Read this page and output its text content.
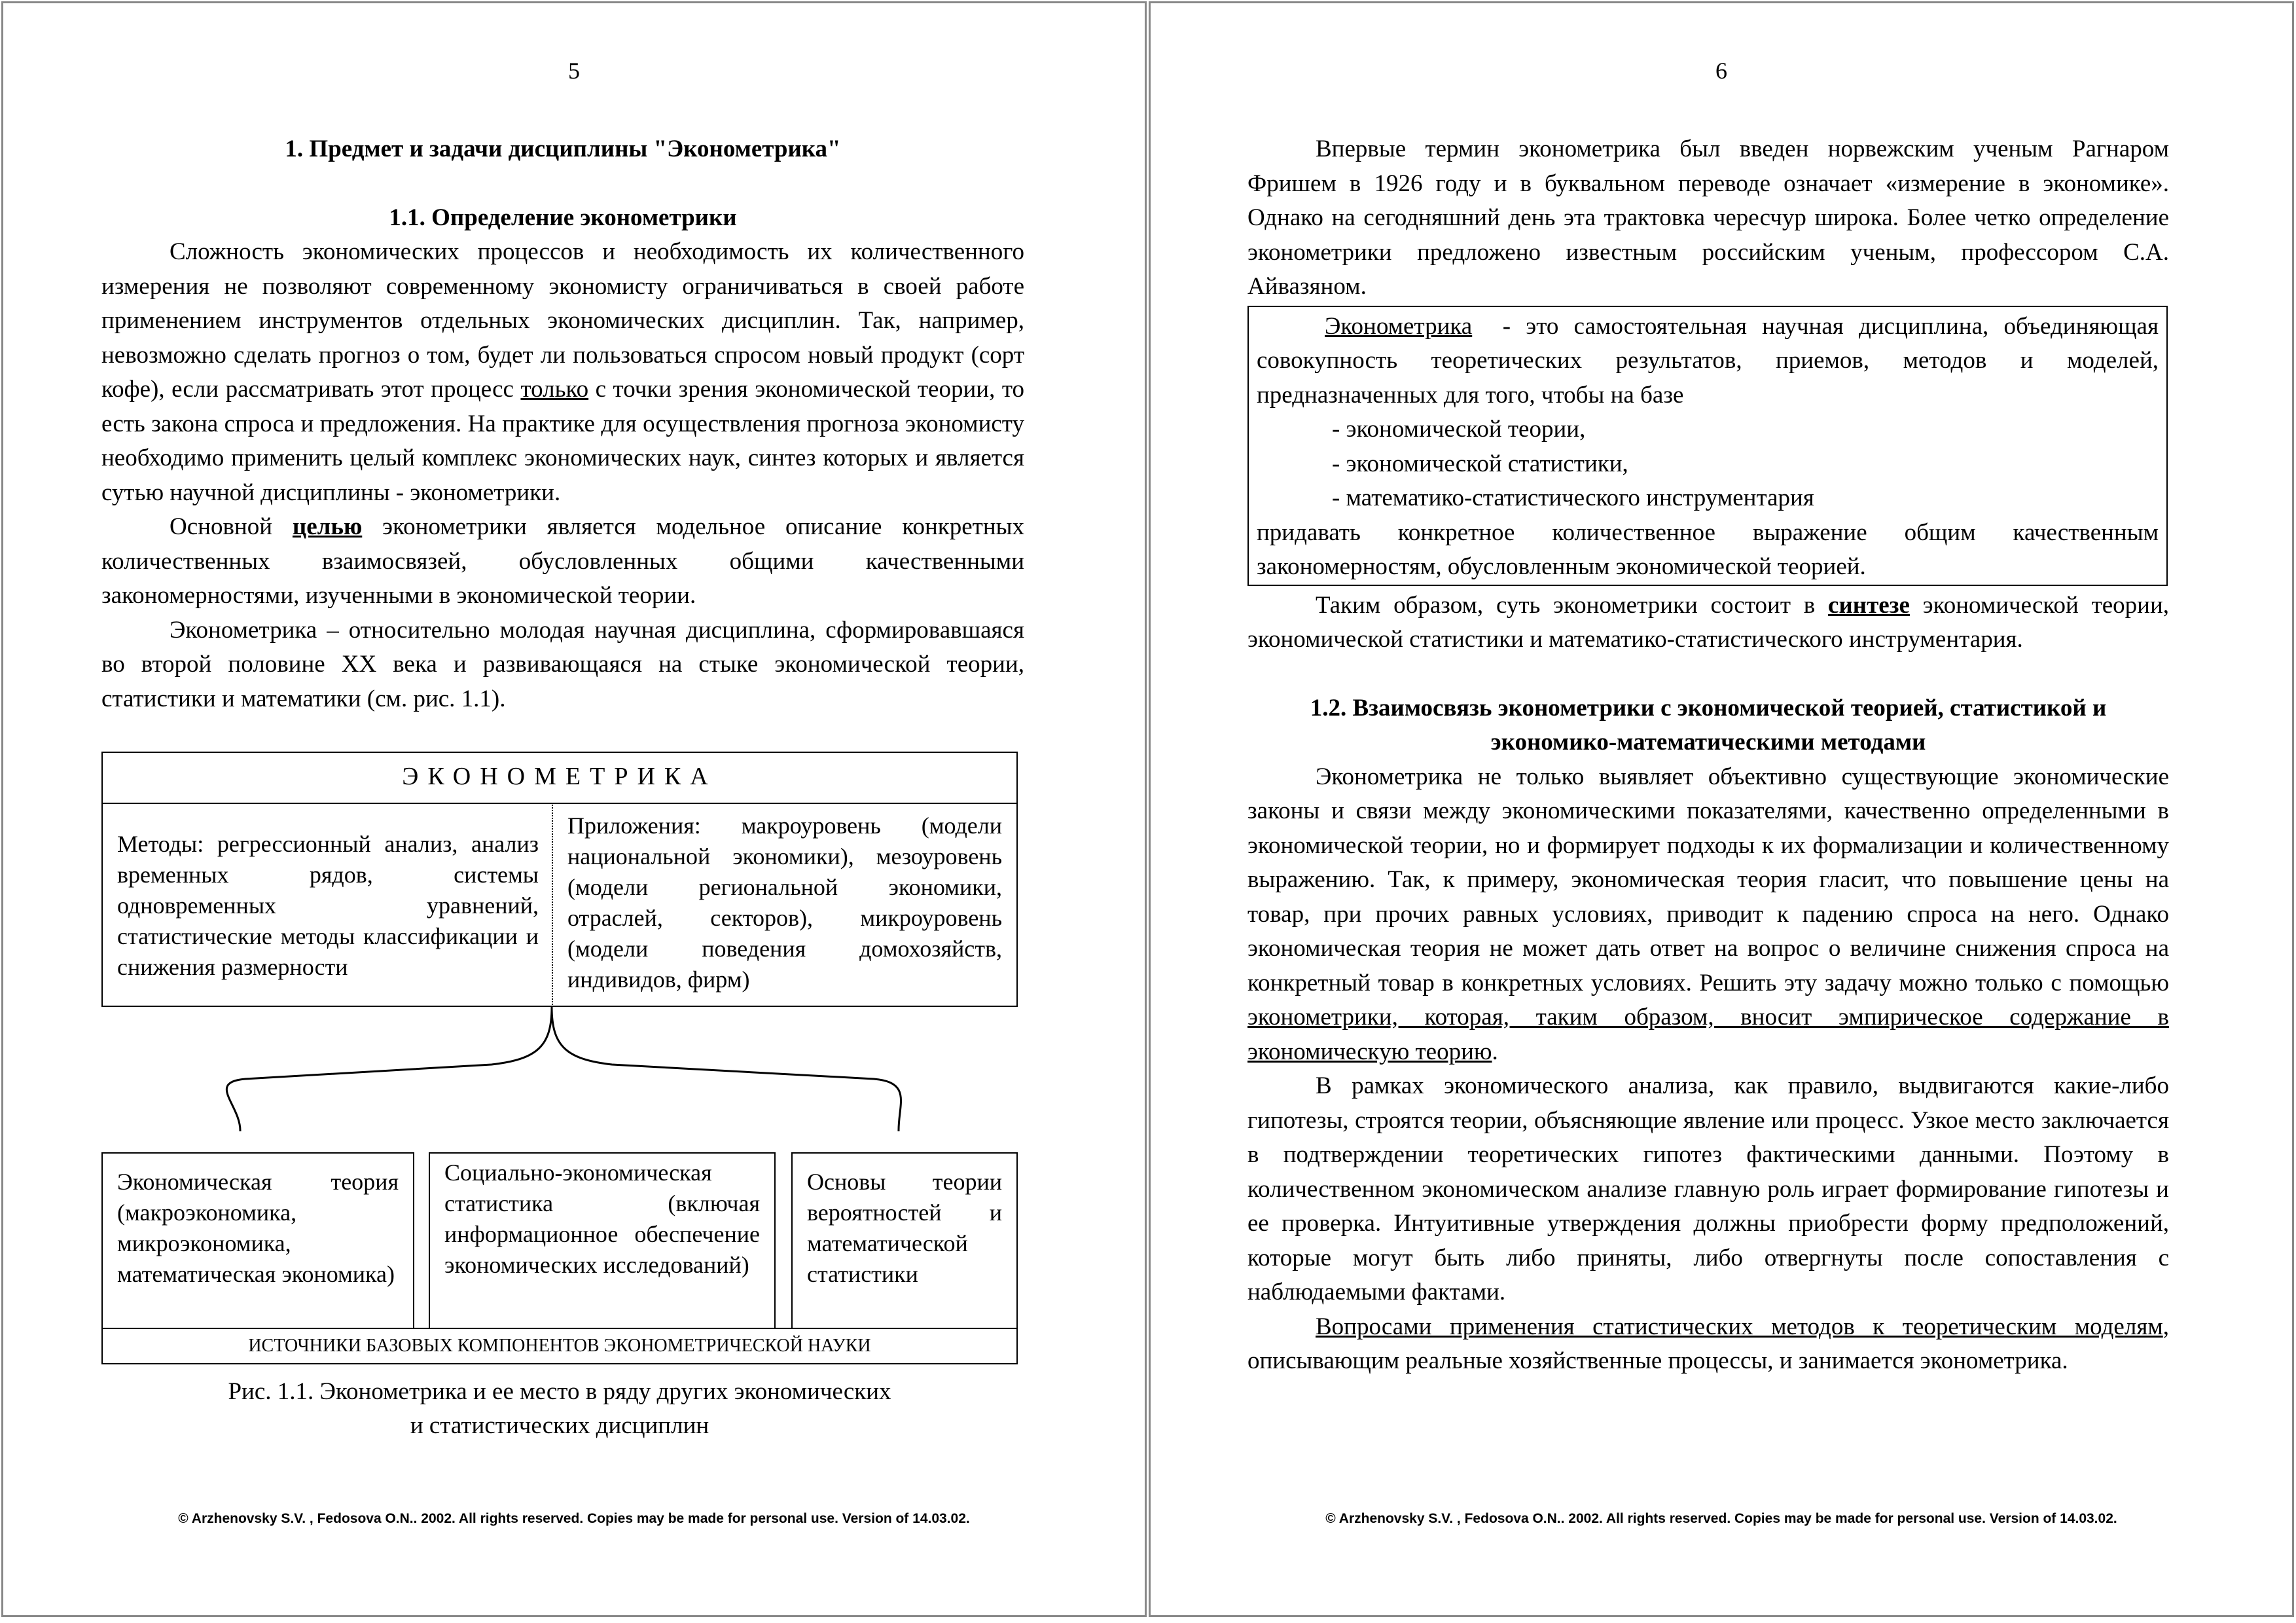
5
1. Предмет и задачи дисциплины "Эконометрика"
1.1. Определение эконометрики

Сложность экономических процессов и необходимость их количественного измерения не позволяют современному экономисту ограничиваться в своей работе применением инструментов отдельных экономических дисциплин. Так, например, невозможно сделать прогноз о том, будет ли пользоваться спросом новый продукт (сорт кофе), если рассматривать этот процесс только с точки зрения экономической теории, то есть закона спроса и предложения. На практике для осуществления прогноза экономисту необходимо применить целый комплекс экономических наук, синтез которых и является сутью научной дисциплины - эконометрики.

Основной целью эконометрики является модельное описание конкретных количественных взаимосвязей, обусловленных общими качественными закономерностями, изученными в экономической теории.

Эконометрика – относительно молодая научная дисциплина, сформировавшаяся во второй половине XX века и развивающаяся на стыке экономической теории, статистики и математики (см. рис. 1.1).

ЭКОНОМЕТРИКА

Методы: регрессионный анализ, анализ временных рядов, системы одновременных уравнений, статистические методы классификации и снижения размерности

Приложения: макроуровень (модели национальной экономики), мезоуровень (модели региональной экономики, отраслей, секторов), микроуровень (модели поведения домохозяйств, индивидов, фирм)

Экономическая теория (макроэкономика, микроэкономика, математическая экономика)

Социально-экономическая статистика (включая информационное обеспечение экономических исследований)

Основы теории вероятностей и математической статистики

ИСТОЧНИКИ БАЗОВЫХ КОМПОНЕНТОВ ЭКОНОМЕТРИЧЕСКОЙ НАУКИ
Рис. 1.1. Эконометрика и ее место в ряду других экономических
и статистических дисциплин
© Arzhenovsky S.V. , Fedosova O.N.. 2002. All rights reserved. Copies may be made for personal use. Version of 14.03.02.
6

Впервые термин эконометрика был введен норвежским ученым Рагнаром Фришем в 1926 году и в буквальном переводе означает «измерение в экономике». Однако на сегодняшний день эта трактовка чересчур широка. Более четко определение эконометрики предложено известным российским ученым, профессором С.А. Айвазяном.

Эконометрика - это самостоятельная научная дисциплина, объединяющая совокупность теоретических результатов, приемов, методов и моделей, предназначенных для того, чтобы на базе

- экономической теории,

- экономической статистики,

- математико-статистического инструментария

придавать конкретное количественное выражение общим качественным закономерностям, обусловленным экономической теорией.

Таким образом, суть эконометрики состоит в синтезе экономической теории, экономической статистики и математико-статистического инструментария.

1.2. Взаимосвязь эконометрики с экономической теорией, статистикой и экономико-математическими методами

Эконометрика не только выявляет объективно существующие экономические законы и связи между экономическими показателями, качественно определенными в экономической теории, но и формирует подходы к их формализации и количественному выражению. Так, к примеру, экономическая теория гласит, что повышение цены на товар, при прочих равных условиях, приводит к падению спроса на него. Однако экономическая теория не может дать ответ на вопрос о величине снижения спроса на конкретный товар в конкретных условиях. Решить эту задачу можно только с помощью эконометрики, которая, таким образом, вносит эмпирическое содержание в экономическую теорию.

В рамках экономического анализа, как правило, выдвигаются какие-либо гипотезы, строятся теории, объясняющие явление или процесс. Узкое место заключается в подтверждении теоретических гипотез фактическими данными. Поэтому в количественном экономическом анализе главную роль играет формирование гипотезы и ее проверка. Интуитивные утверждения должны приобрести форму предположений, которые могут быть либо приняты, либо отвергнуты после сопоставления с наблюдаемыми фактами.

Вопросами применения статистических методов к теоретическим моделям, описывающим реальные хозяйственные процессы, и занимается эконометрика.

© Arzhenovsky S.V. , Fedosova O.N.. 2002. All rights reserved. Copies may be made for personal use. Version of 14.03.02.
